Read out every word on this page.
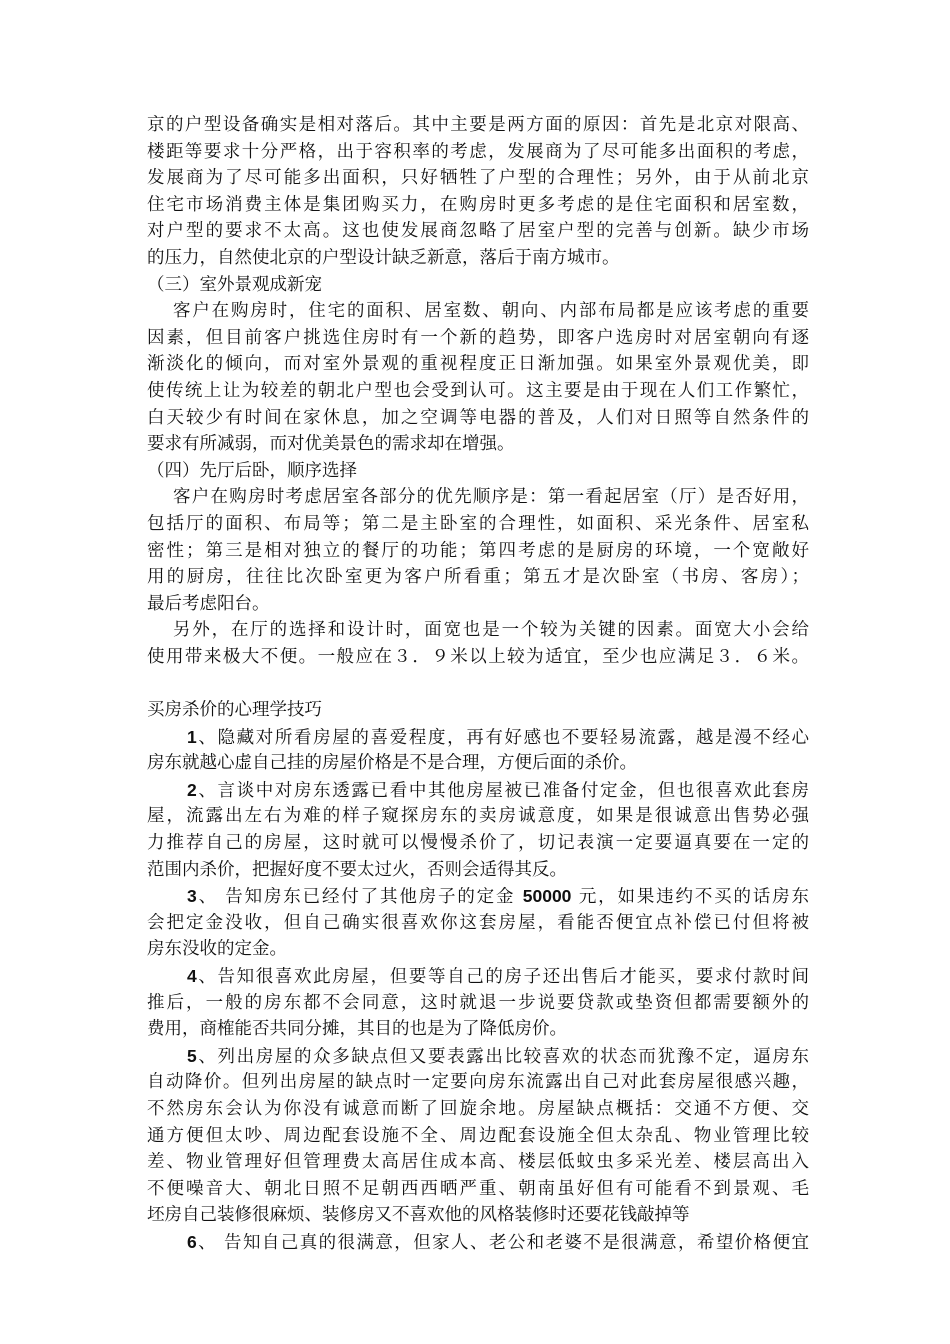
京的户型设备确实是相对落后。其中主要是两方面的原因：首先是北京对限高、
楼距等要求十分严格，出于容积率的考虑，发展商为了尽可能多出面积的考虑，
发展商为了尽可能多出面积，只好牺牲了户型的合理性；另外，由于从前北京
住宅市场消费主体是集团购买力，在购房时更多考虑的是住宅面积和居室数，
对户型的要求不太高。这也使发展商忽略了居室户型的完善与创新。缺少市场
的压力，自然使北京的户型设计缺乏新意，落后于南方城市。
（三）室外景观成新宠
客户在购房时，住宅的面积、居室数、朝向、内部布局都是应该考虑的重要
因素，但目前客户挑选住房时有一个新的趋势，即客户选房时对居室朝向有逐
渐淡化的倾向，而对室外景观的重视程度正日渐加强。如果室外景观优美，即
使传统上让为较差的朝北户型也会受到认可。这主要是由于现在人们工作繁忙，
白天较少有时间在家休息，加之空调等电器的普及，人们对日照等自然条件的
要求有所减弱，而对优美景色的需求却在增强。
（四）先厅后卧，顺序选择
客户在购房时考虑居室各部分的优先顺序是：第一看起居室（厅）是否好用，
包括厅的面积、布局等；第二是主卧室的合理性，如面积、采光条件、居室私
密性；第三是相对独立的餐厅的功能；第四考虑的是厨房的环境，一个宽敞好
用的厨房，往往比次卧室更为客户所看重；第五才是次卧室（书房、客房）；
最后考虑阳台。
另外，在厅的选择和设计时，面宽也是一个较为关键的因素。面宽大小会给
使用带来极大不便。一般应在３．９米以上较为适宜，至少也应满足３．６米。
买房杀价的心理学技巧
1、隐藏对所看房屋的喜爱程度，再有好感也不要轻易流露，越是漫不经心
房东就越心虚自己挂的房屋价格是不是合理，方便后面的杀价。
2、言谈中对房东透露已看中其他房屋被已准备付定金，但也很喜欢此套房
屋，流露出左右为难的样子窥探房东的卖房诚意度，如果是很诚意出售势必强
力推荐自己的房屋，这时就可以慢慢杀价了，切记表演一定要逼真要在一定的
范围内杀价，把握好度不要太过火，否则会适得其反。
3、 告知房东已经付了其他房子的定金 50000 元，如果违约不买的话房东
会把定金没收，但自己确实很喜欢你这套房屋，看能否便宜点补偿已付但将被
房东没收的定金。
4、告知很喜欢此房屋，但要等自己的房子还出售后才能买，要求付款时间
推后，一般的房东都不会同意，这时就退一步说要贷款或垫资但都需要额外的
费用，商榷能否共同分摊，其目的也是为了降低房价。
5、列出房屋的众多缺点但又要表露出比较喜欢的状态而犹豫不定，逼房东
自动降价。但列出房屋的缺点时一定要向房东流露出自己对此套房屋很感兴趣，
不然房东会认为你没有诚意而断了回旋余地。房屋缺点概括：交通不方便、交
通方便但太吵、周边配套设施不全、周边配套设施全但太杂乱、物业管理比较
差、物业管理好但管理费太高居住成本高、楼层低蚊虫多采光差、楼层高出入
不便噪音大、朝北日照不足朝西西晒严重、朝南虽好但有可能看不到景观、毛
坯房自己装修很麻烦、装修房又不喜欢他的风格装修时还要花钱敲掉等
6、 告知自己真的很满意，但家人、老公和老婆不是很满意，希望价格便宜
